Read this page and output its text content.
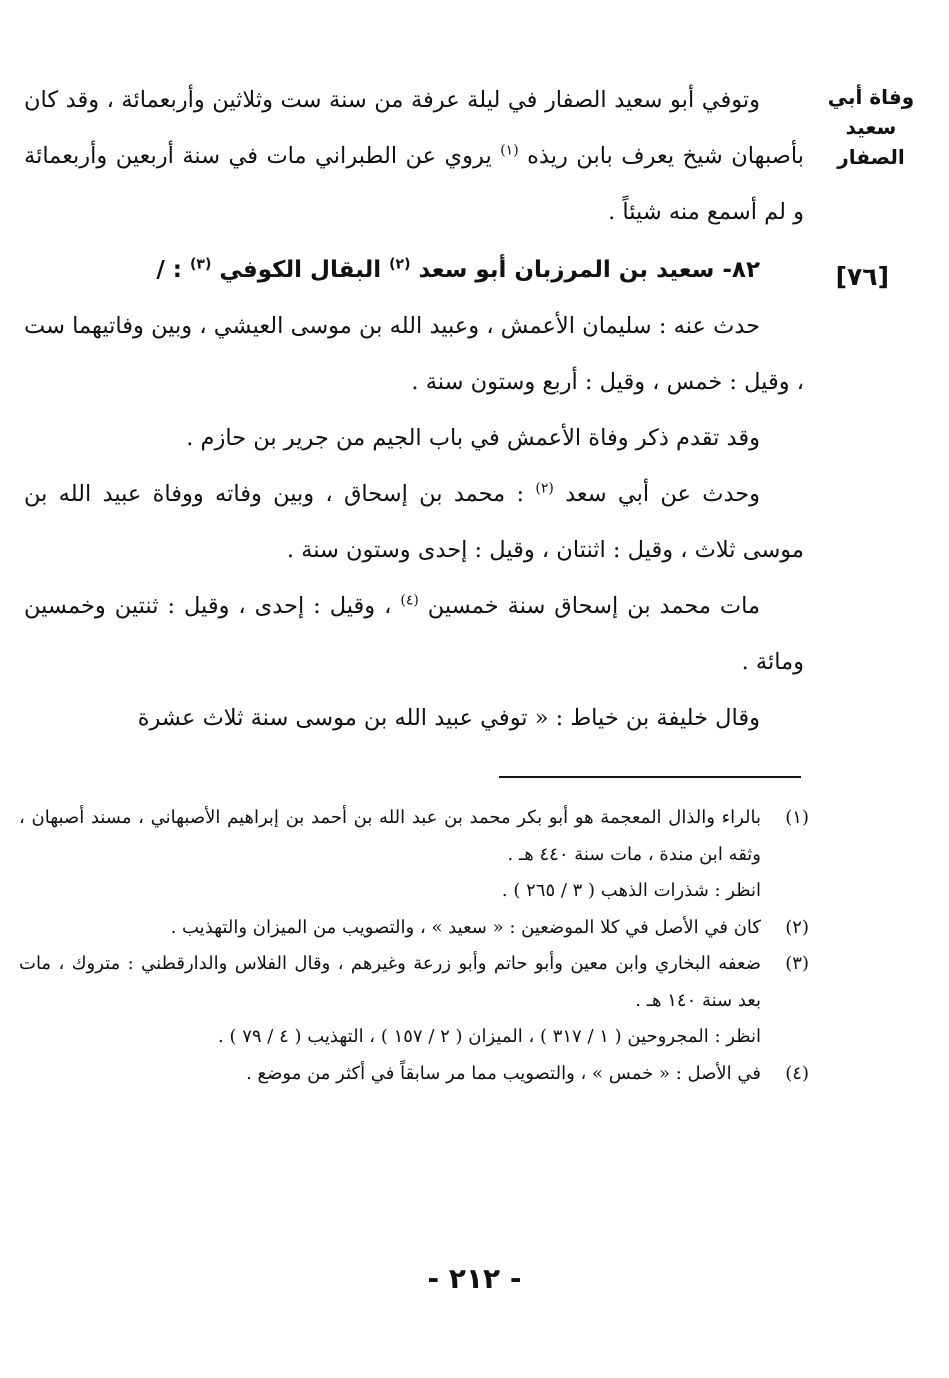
وفاة أبي
سعيد الصفار
[٧٦]

وتوفي أبو سعيد الصفار في ليلة عرفة من سنة ست وثلاثين وأربعمائة ، وقد كان بأصبهان شيخ يعرف بابن ريذه $^{(١)}$ يروي عن الطبراني مات في سنة أربعين وأربعمائة و لم أسمع منه شيئاً .

٨٢- سعيد بن المرزبان أبو سعد $^{(٢)}$ البقال الكوفي $^{(٣)}$ : /

حدث عنه : سليمان الأعمش ، وعبيد الله بن موسى العيشي ، وبين وفاتيهما ست ، وقيل : خمس ، وقيل : أربع وستون سنة .

وقد تقدم ذكر وفاة الأعمش في باب الجيم من جرير بن حازم .

وحدث عن أبي سعد $^{(٢)}$ : محمد بن إسحاق ، وبين وفاته ووفاة عبيد الله بن موسى ثلاث ، وقيل : اثنتان ، وقيل : إحدى وستون سنة .

مات محمد بن إسحاق سنة خمسين $^{(٤)}$ ، وقيل : إحدى ، وقيل : ثنتين وخمسين ومائة .

وقال خليفة بن خياط : « توفي عبيد الله بن موسى سنة ثلاث عشرة

(١)
بالراء والذال المعجمة هو أبو بكر محمد بن عبد الله بن أحمد بن إبراهيم الأصبهاني ، مسند أصبهان ، وثقه ابن مندة ، مات سنة ٤٤٠ هـ .
انظر : شذرات الذهب ( ٣ / ٢٦٥ ) .
(٢)
كان في الأصل في كلا الموضعين : « سعيد » ، والتصويب من الميزان والتهذيب .
(٣)
ضعفه البخاري وابن معين وأبو حاتم وأبو زرعة وغيرهم ، وقال الفلاس والدارقطني : متروك ، مات بعد سنة ١٤٠ هـ .
انظر : المجروحين ( ١ / ٣١٧ ) ، الميزان ( ٢ / ١٥٧ ) ، التهذيب ( ٤ / ٧٩ ) .
(٤)
في الأصل : « خمس » ، والتصويب مما مر سابقاً في أكثر من موضع .
- ٢١٢ -
